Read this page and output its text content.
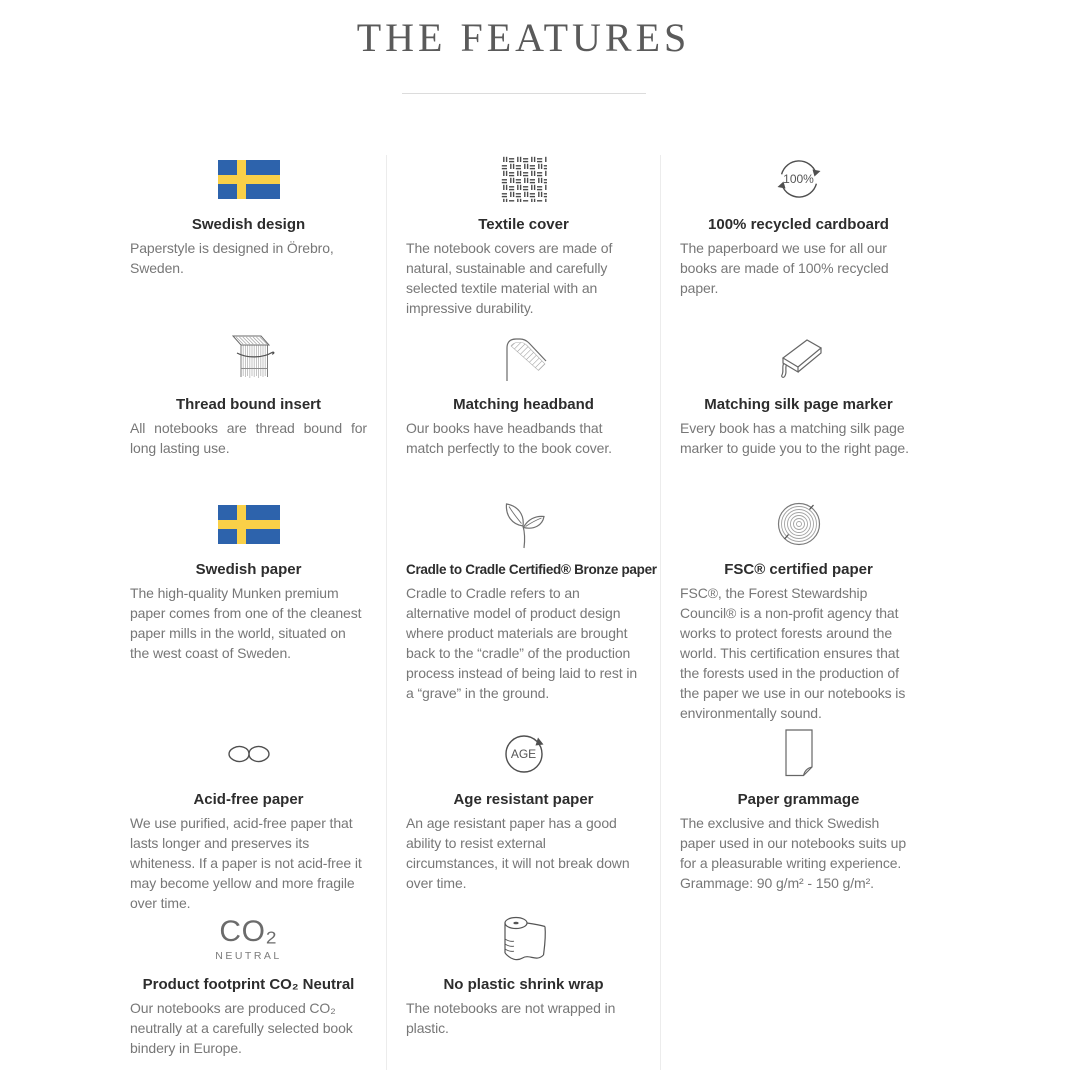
THE FEATURES
Swedish design

Paperstyle is designed in Örebro, Sweden.

Thread bound insert

All notebooks are thread bound for long lasting use.

Swedish paper

The high-quality Munken premium paper comes from one of the cleanest paper mills in the world, situated on the west coast of Sweden.

Acid-free paper

We use purified, acid-free paper that lasts longer and preserves its whiteness. If a paper is not acid-free it may become yellow and more fragile over time.

CO₂
NEUTRAL
Product footprint CO₂ Neutral

Our notebooks are produced CO₂ neutrally at a carefully selected book bindery in Europe.

Textile cover

The notebook covers are made of natural, sustainable and carefully selected textile material with an impressive durability.

Matching headband

Our books have headbands that match perfectly to the book cover.

Cradle to Cradle Certified® Bronze paper

Cradle to Cradle refers to an alternative model of product design where product materials are brought back to the “cradle” of the production process instead of being laid to rest in a “grave” in the ground.

AGE
Age resistant paper

An age resistant paper has a good ability to resist external circumstances, it will not break down over time.

No plastic shrink wrap

The notebooks are not wrapped in plastic.

100%
100% recycled cardboard

The paperboard we use for all our books are made of 100% recycled paper.

Matching silk page marker

Every book has a matching silk page marker to guide you to the right page.

FSC® certified paper

FSC®, the Forest Stewardship Council® is a non-profit agency that works to protect forests around the world. This certification ensures that the forests used in the production of the paper we use in our notebooks is environmentally sound.

Paper grammage

The exclusive and thick Swedish paper used in our notebooks suits up for a pleasurable writing experience. Grammage: 90 g/m² - 150 g/m².
